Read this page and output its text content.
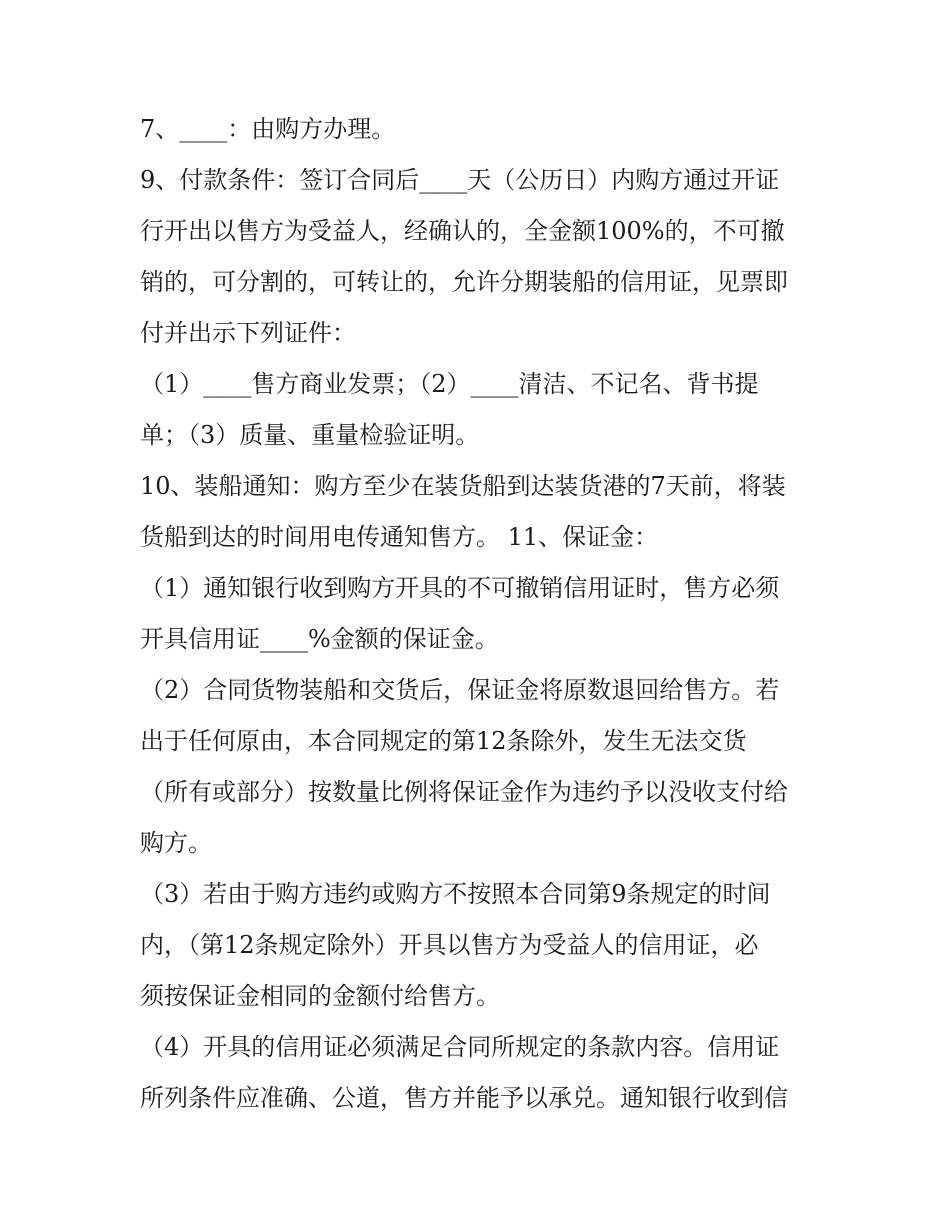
7、____：由购方办理。
9、付款条件：签订合同后____天（公历日）内购方通过开证
行开出以售方为受益人，经确认的，全金额100%的，不可撤
销的，可分割的，可转让的，允许分期装船的信用证，见票即
付并出示下列证件：
（1）____售方商业发票；（2）____清洁、不记名、背书提
单；（3）质量、重量检验证明。
10、装船通知：购方至少在装货船到达装货港的7天前，将装
货船到达的时间用电传通知售方。 11、保证金：
（1）通知银行收到购方开具的不可撤销信用证时，售方必须
开具信用证____%金额的保证金。
（2）合同货物装船和交货后，保证金将原数退回给售方。若
出于任何原由，本合同规定的第12条除外，发生无法交货
（所有或部分）按数量比例将保证金作为违约予以没收支付给
购方。
（3）若由于购方违约或购方不按照本合同第9条规定的时间
内，（第12条规定除外）开具以售方为受益人的信用证，必
须按保证金相同的金额付给售方。
（4）开具的信用证必须满足合同所规定的条款内容。信用证
所列条件应准确、公道，售方并能予以承兑。通知银行收到信
